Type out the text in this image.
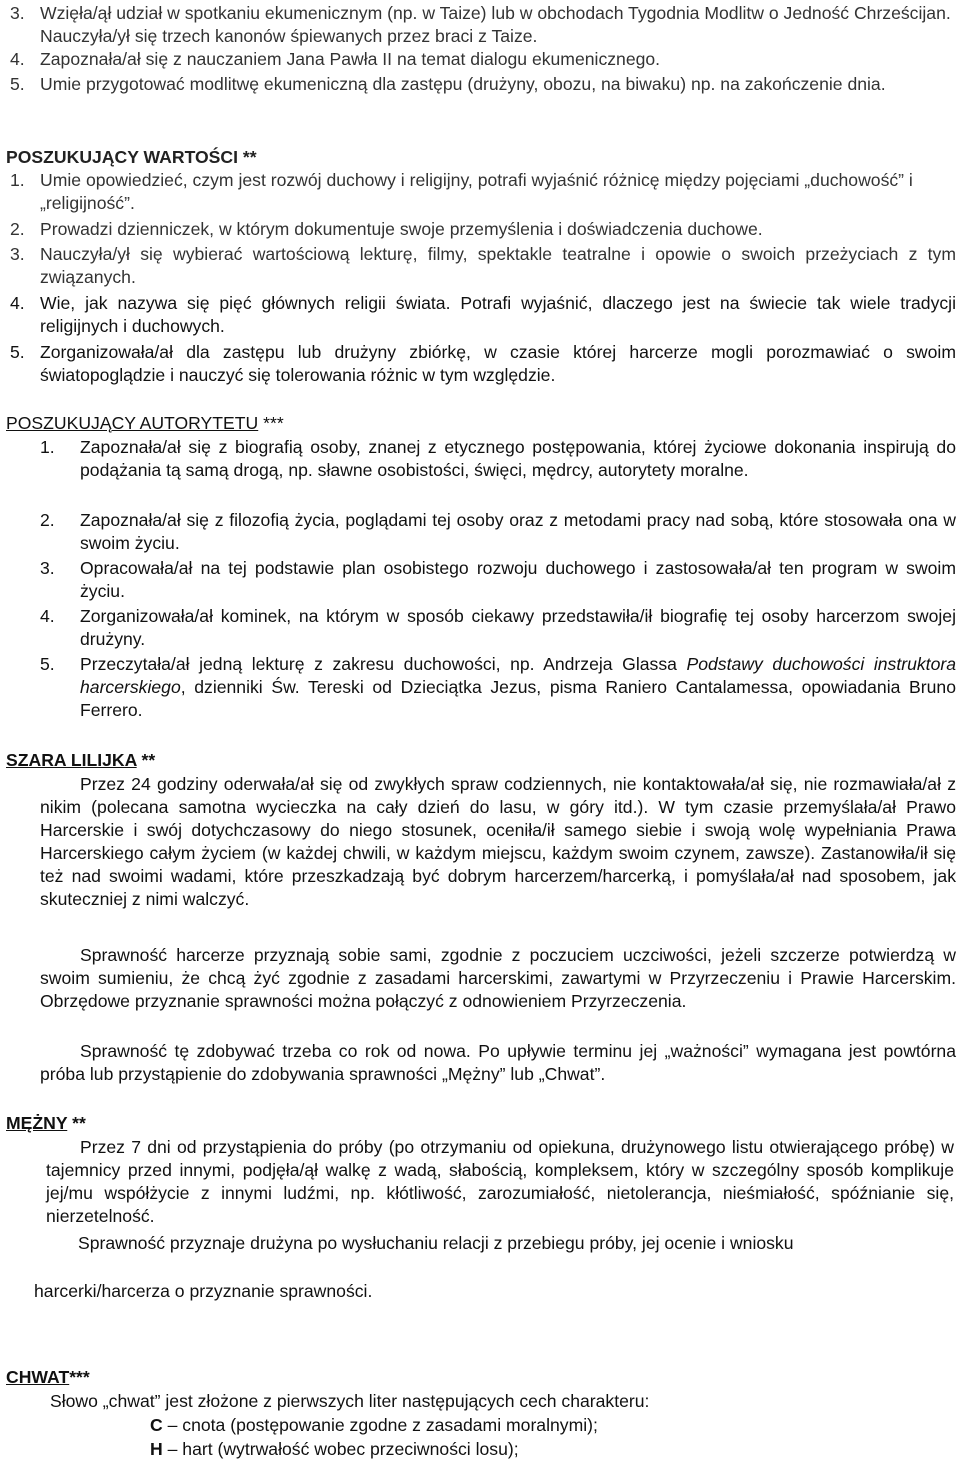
3. Wzięła/ął udział w spotkaniu ekumenicznym (np. w Taize) lub w obchodach Tygodnia Modlitw o Jedność Chrześcijan. Nauczyła/ył się trzech kanonów śpiewanych przez braci z Taize.
4. Zapoznała/ał się z nauczaniem Jana Pawła II na temat dialogu ekumenicznego.
5. Umie przygotować modlitwę ekumeniczną dla zastępu (drużyny, obozu, na biwaku) np. na zakończenie dnia.
POSZUKUJĄCY WARTOŚCI **
1. Umie opowiedzieć, czym jest rozwój duchowy i religijny, potrafi wyjaśnić różnicę między pojęciami „duchowość” i „religijność”.
2. Prowadzi dzienniczek, w którym dokumentuje swoje przemyślenia i doświadczenia duchowe.
3. Nauczyła/ył się wybierać wartościową lekturę, filmy, spektakle teatralne i opowie o swoich przeżyciach z tym związanych.
4. Wie, jak nazywa się pięć głównych religii świata. Potrafi wyjaśnić, dlaczego jest na świecie tak wiele tradycji religijnych i duchowych.
5. Zorganizowała/ał dla zastępu lub drużyny zbiórkę, w czasie której harcerze mogli porozmawiać o swoim światopoglądzie i nauczyć się tolerowania różnic w tym względzie.
POSZUKUJĄCY AUTORYTETU ***
1. Zapoznała/ał się z biografią osoby, znanej z etycznego postępowania, której życiowe dokonania inspirują do podążania tą samą drogą, np. sławne osobistości, święci, mędrcy, autorytety moralne.
2. Zapoznała/ał się z filozofią życia, poglądami tej osoby oraz z metodami pracy nad sobą, które stosowała ona w swoim życiu.
3. Opracowała/ał na tej podstawie plan osobistego rozwoju duchowego i zastosowała/ał ten program w swoim życiu.
4. Zorganizowała/ał kominek, na którym w sposób ciekawy przedstawiła/ił biografię tej osoby harcerzom swojej drużyny.
5. Przeczytała/ał jedną lekturę z zakresu duchowości, np. Andrzeja Glassa Podstawy duchowości instruktora harcerskiego, dzienniki Św. Tereski od Dzieciątka Jezus, pisma Raniero Cantalamessa, opowiadania Bruno Ferrero.
SZARA LILIJKA **
Przez 24 godziny oderwała/ał się od zwykłych spraw codziennych, nie kontaktowała/ał się, nie rozmawiała/ał z nikim (polecana samotna wycieczka na cały dzień do lasu, w góry itd.). W tym czasie przemyślała/ał Prawo Harcerskie i swój dotychczasowy do niego stosunek, oceniła/ił samego siebie i swoją wolę wypełniania Prawa Harcerskiego całym życiem (w każdej chwili, w każdym miejscu, każdym swoim czynem, zawsze). Zastanowiła/ił się też nad swoimi wadami, które przeszkadzają być dobrym harcerzem/harcerką, i pomyślała/ał nad sposobem, jak skuteczniej z nimi walczyć.
Sprawność harcerze przyznają sobie sami, zgodnie z poczuciem uczciwości, jeżeli szczerze potwierdzą w swoim sumieniu, że chcą żyć zgodnie z zasadami harcerskimi, zawartymi w Przyrzeczeniu i Prawie Harcerskim. Obrzędowe przyznanie sprawności można połączyć z odnowieniem Przyrzeczenia.
Sprawność tę zdobywać trzeba co rok od nowa. Po upływie terminu jej „ważności” wymagana jest powtórna próba lub przystąpienie do zdobywania sprawności „Mężny” lub „Chwat”.
MĘŻNY **
Przez 7 dni od przystąpienia do próby (po otrzymaniu od opiekuna, drużynowego listu otwierającego próbę) w tajemnicy przed innymi, podjęła/ął walkę z wadą, słabością, kompleksem, który w szczególny sposób komplikuje jej/mu współżycie z innymi ludźmi, np. kłótliwość, zarozumiałość, nietolerancja, nieśmiałość, spóźnianie się, nierzetelność.
Sprawność przyznaje drużyna po wysłuchaniu relacji z przebiegu próby, jej ocenie i wniosku
harcerki/harcerza o przyznanie sprawności.
CHWAT***
Słowo „chwat” jest złożone z pierwszych liter następujących cech charakteru:
C – cnota (postępowanie zgodne z zasadami moralnymi);
H – hart (wytrwałość wobec przeciwności losu);
